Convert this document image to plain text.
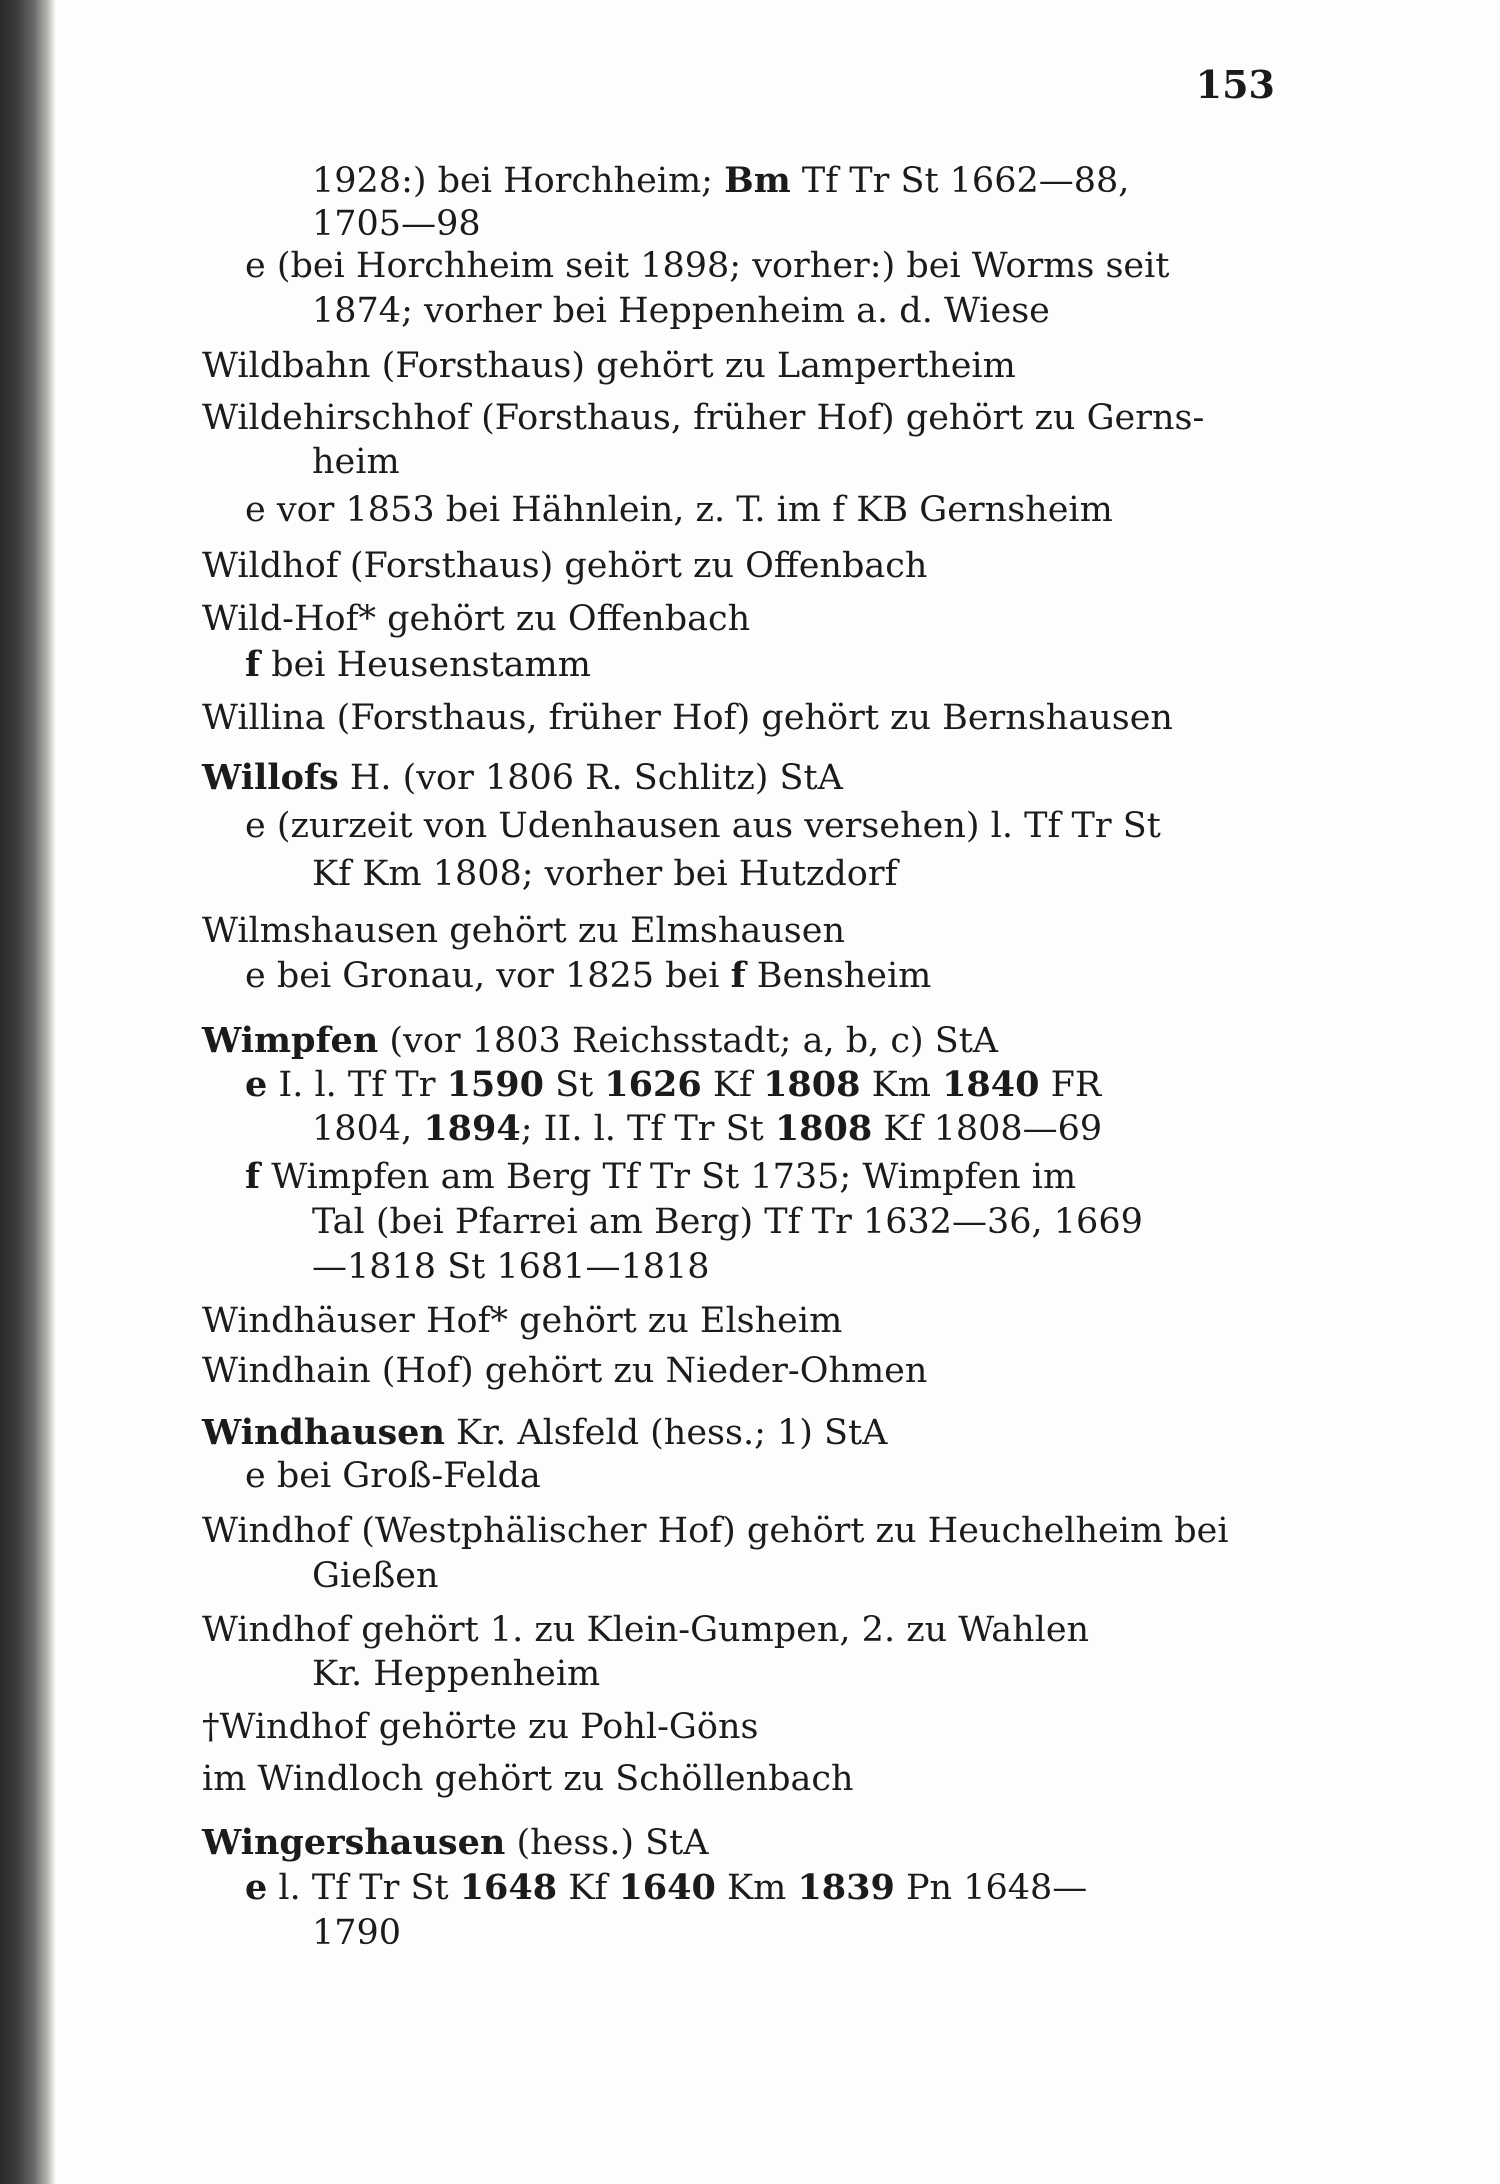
153
1928:) bei Horchheim; Bm Tf Tr St 1662—88,
1705—98
e (bei Horchheim seit 1898; vorher:) bei Worms seit
1874; vorher bei Heppenheim a. d. Wiese
Wildbahn (Forsthaus) gehört zu Lampertheim
Wildehirschhof (Forsthaus, früher Hof) gehört zu Gerns-
heim
e vor 1853 bei Hähnlein, z. T. im f KB Gernsheim
Wildhof (Forsthaus) gehört zu Offenbach
Wild-Hof* gehört zu Offenbach
f bei Heusenstamm
Willina (Forsthaus, früher Hof) gehört zu Bernshausen
Willofs H. (vor 1806 R. Schlitz) StA
e (zurzeit von Udenhausen aus versehen) l. Tf Tr St
Kf Km 1808; vorher bei Hutzdorf
Wilmshausen gehört zu Elmshausen
e bei Gronau, vor 1825 bei f Bensheim
Wimpfen (vor 1803 Reichsstadt; a, b, c) StA
e I. l. Tf Tr 1590 St 1626 Kf 1808 Km 1840 FR
1804, 1894; II. l. Tf Tr St 1808 Kf 1808—69
f Wimpfen am Berg Tf Tr St 1735; Wimpfen im
Tal (bei Pfarrei am Berg) Tf Tr 1632—36, 1669
—1818 St 1681—1818
Windhäuser Hof* gehört zu Elsheim
Windhain (Hof) gehört zu Nieder-Ohmen
Windhausen Kr. Alsfeld (hess.; 1) StA
e bei Groß-Felda
Windhof (Westphälischer Hof) gehört zu Heuchelheim bei
Gießen
Windhof gehört 1. zu Klein-Gumpen, 2. zu Wahlen
Kr. Heppenheim
†Windhof gehörte zu Pohl-Göns
im Windloch gehört zu Schöllenbach
Wingershausen (hess.) StA
e l. Tf Tr St 1648 Kf 1640 Km 1839 Pn 1648—
1790
